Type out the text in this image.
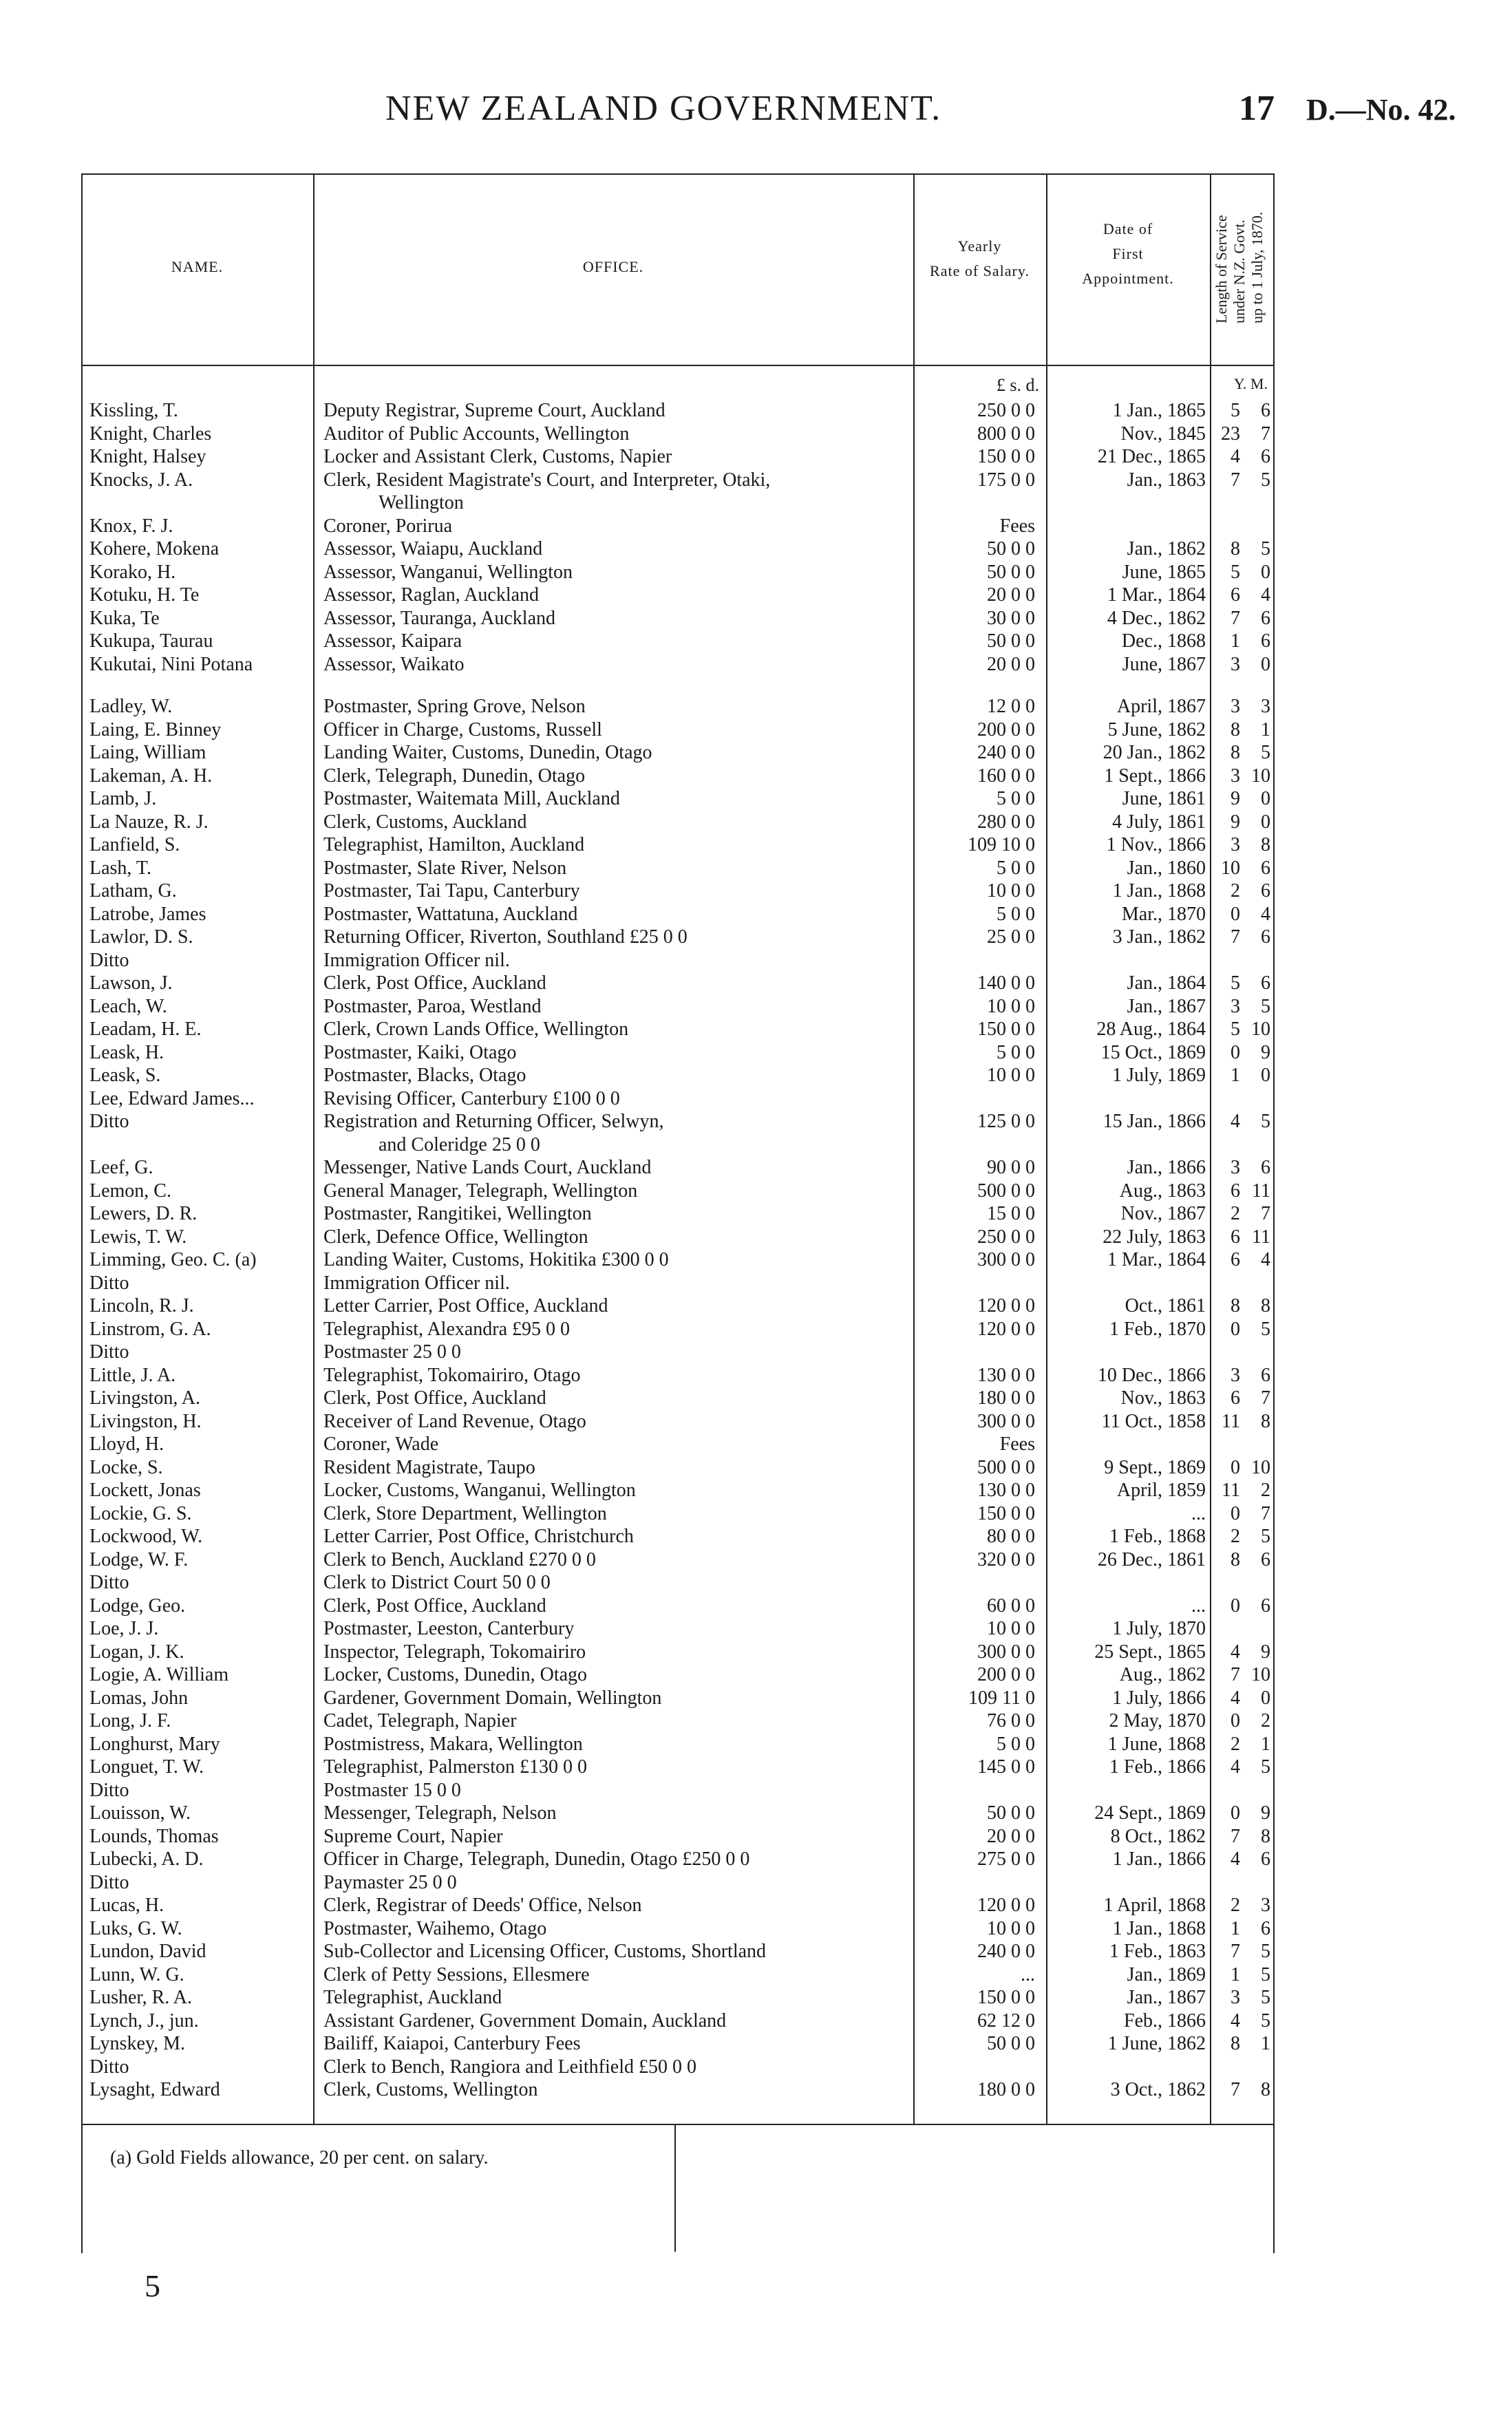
NEW ZEALAND GOVERNMENT.	17 D.—No. 42.
NAME.	OFFICE.
Yearly
Rate of Salary.
Date of
First
Appointment.	Length of Service under N.Z. Govt. up to 1 July, 1870.
£ s. d.	Y. M.
Kissling, T.	Deputy Registrar, Supreme Court, Auckland	250 0 0	1 Jan., 1865	5	6
Knight, Charles	Auditor of Public Accounts, Wellington	800 0 0	Nov., 1845 23	7
Knight, Halsey	Locker and Assistant Clerk, Customs, Napier	150 0 0	21 Dec., 1865	4	6
Knocks, J. A.	Clerk, Resident Magistrate's Court, and Interpreter, Otaki,	175 0 0	Jan., 1863	7	5
Wellington
Knox, F. J.	Coroner, Porirua	Fees
Kohere, Mokena	Assessor, Waiapu, Auckland	50 0 0	Jan., 1862	8	5
Korako, H.	Assessor, Wanganui, Wellington	50 0 0	June, 1865	5	0
Kotuku, H. Te	Assessor, Raglan, Auckland	20 0 0	1 Mar., 1864	6	4
Kuka, Te	Assessor, Tauranga, Auckland	30 0 0	4 Dec., 1862	7	6
Kukupa, Taurau	Assessor, Kaipara	50 0 0	Dec., 1868	1	6
Kukutai, Nini Potana	Assessor, Waikato	20 0 0	June, 1867	3	0
Ladley, W.	Postmaster, Spring Grove, Nelson	12 0 0	April, 1867	3	3
Laing, E. Binney	Officer in Charge, Customs, Russell	200 0 0	5 June, 1862	8	1
Laing, William	Landing Waiter, Customs, Dunedin, Otago	240 0 0	20 Jan., 1862	8	5
Lakeman, A. H.	Clerk, Telegraph, Dunedin, Otago	160 0 0	1 Sept., 1866	3 10
Lamb, J.	Postmaster, Waitemata Mill, Auckland	5 0 0	June, 1861	9	0
La Nauze, R. J.	Clerk, Customs, Auckland	280 0 0	4 July, 1861	9	0
Lanfield, S.	Telegraphist, Hamilton, Auckland	109 10 0	1 Nov., 1866	3	8
Lash, T.	Postmaster, Slate River, Nelson	5 0 0	Jan., 1860 10	6
Latham, G.	Postmaster, Tai Tapu, Canterbury	10 0 0	1 Jan., 1868	2	6
Latrobe, James	Postmaster, Wattatuna, Auckland	5 0 0	Mar., 1870	0	4
Lawlor, D. S.	Returning Officer, Riverton, Southland £25 0 0	25 0 0	3 Jan., 1862	7	6
Ditto	Immigration Officer nil.
Lawson, J.	Clerk, Post Office, Auckland	140 0 0	Jan., 1864	5	6
Leach, W.	Postmaster, Paroa, Westland	10 0 0	Jan., 1867	3	5
Leadam, H. E.	Clerk, Crown Lands Office, Wellington	150 0 0	28 Aug., 1864	5 10
Leask, H.	Postmaster, Kaiki, Otago	5 0 0	15 Oct., 1869	0	9
Leask, S.	Postmaster, Blacks, Otago	10 0 0	1 July, 1869	1	0
Lee, Edward James...	Revising Officer, Canterbury £100 0 0
Ditto	Registration and Returning Officer, Selwyn,	125 0 0	15 Jan., 1866	4	5
and Coleridge 25 0 0
Leef, G.	Messenger, Native Lands Court, Auckland	90 0 0	Jan., 1866	3	6
Lemon, C.	General Manager, Telegraph, Wellington	500 0 0	Aug., 1863	6 11
Lewers, D. R.	Postmaster, Rangitikei, Wellington	15 0 0	Nov., 1867	2	7
Lewis, T. W.	Clerk, Defence Office, Wellington	250 0 0	22 July, 1863	6 11
Limming, Geo. C. (a)	Landing Waiter, Customs, Hokitika £300 0 0	300 0 0	1 Mar., 1864	6	4
Ditto	Immigration Officer nil.
Lincoln, R. J.	Letter Carrier, Post Office, Auckland	120 0 0	Oct., 1861	8	8
Linstrom, G. A.	Telegraphist, Alexandra £95 0 0	120 0 0	1 Feb., 1870	0	5
Ditto	Postmaster 25 0 0
Little, J. A.	Telegraphist, Tokomairiro, Otago	130 0 0	10 Dec., 1866	3	6
Livingston, A.	Clerk, Post Office, Auckland	180 0 0	Nov., 1863	6	7
Livingston, H.	Receiver of Land Revenue, Otago	300 0 0	11 Oct., 1858 11	8
Lloyd, H.	Coroner, Wade	Fees
Locke, S.	Resident Magistrate, Taupo	500 0 0	9 Sept., 1869	0 10
Lockett, Jonas	Locker, Customs, Wanganui, Wellington	130 0 0	April, 1859 11	2
Lockie, G. S.	Clerk, Store Department, Wellington	150 0 0	...	0	7
Lockwood, W.	Letter Carrier, Post Office, Christchurch	80 0 0	1 Feb., 1868	2	5
Lodge, W. F.	Clerk to Bench, Auckland £270 0 0	320 0 0	26 Dec., 1861	8	6
Ditto	Clerk to District Court 50 0 0
Lodge, Geo.	Clerk, Post Office, Auckland	60 0 0	...	0	6
Loe, J. J.	Postmaster, Leeston, Canterbury	10 0 0	1 July, 1870
Logan, J. K.	Inspector, Telegraph, Tokomairiro	300 0 0	25 Sept., 1865	4	9
Logie, A. William	Locker, Customs, Dunedin, Otago	200 0 0	Aug., 1862	7 10
Lomas, John	Gardener, Government Domain, Wellington	109 11 0	1 July, 1866	4	0
Long, J. F.	Cadet, Telegraph, Napier	76 0 0	2 May, 1870	0	2
Longhurst, Mary	Postmistress, Makara, Wellington	5 0 0	1 June, 1868	2	1
Longuet, T. W.	Telegraphist, Palmerston £130 0 0	145 0 0	1 Feb., 1866	4	5
Ditto	Postmaster 15 0 0
Louisson, W.	Messenger, Telegraph, Nelson	50 0 0	24 Sept., 1869	0	9
Lounds, Thomas	Supreme Court, Napier	20 0 0	8 Oct., 1862	7	8
Lubecki, A. D.	Officer in Charge, Telegraph, Dunedin, Otago £250 0 0	275 0 0	1 Jan., 1866	4	6
Ditto	Paymaster 25 0 0
Lucas, H.	Clerk, Registrar of Deeds' Office, Nelson	120 0 0	1 April, 1868	2	3
Luks, G. W.	Postmaster, Waihemo, Otago	10 0 0	1 Jan., 1868	1	6
Lundon, David	Sub-Collector and Licensing Officer, Customs, Shortland	240 0 0	1 Feb., 1863	7	5
Lunn, W. G.	Clerk of Petty Sessions, Ellesmere	...	Jan., 1869	1	5
Lusher, R. A.	Telegraphist, Auckland	150 0 0	Jan., 1867	3	5
Lynch, J., jun.	Assistant Gardener, Government Domain, Auckland	62 12 0	Feb., 1866	4	5
Lynskey, M.	Bailiff, Kaiapoi, Canterbury Fees	50 0 0	1 June, 1862	8	1
Ditto	Clerk to Bench, Rangiora and Leithfield £50 0 0
Lysaght, Edward	Clerk, Customs, Wellington	180 0 0	3 Oct., 1862	7	8
(a) Gold Fields allowance, 20 per cent. on salary.
5
